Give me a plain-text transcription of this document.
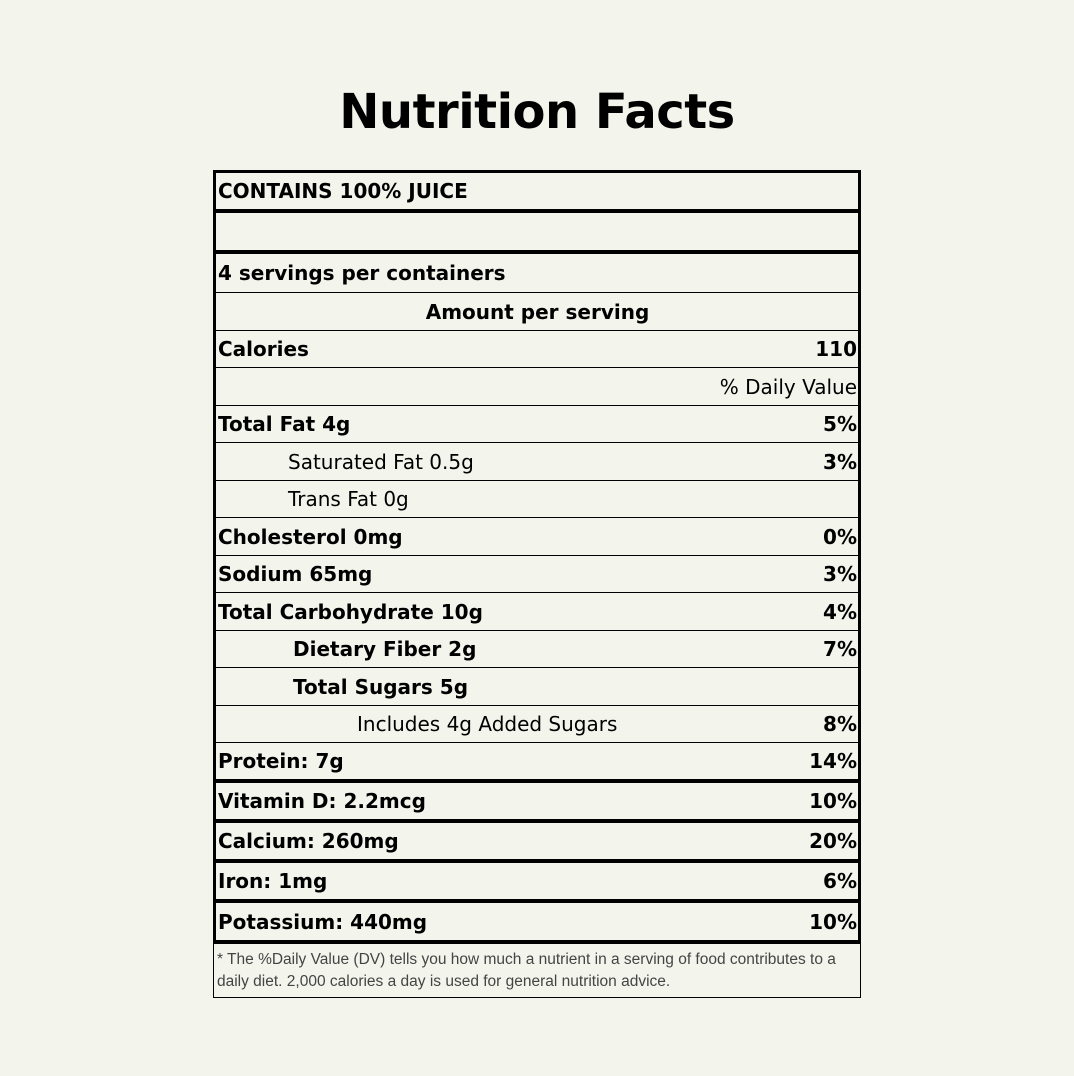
Nutrition Facts
CONTAINS 100% JUICE
4 servings per containers
Amount per serving
Calories	110
% Daily Value
Total Fat 4g	5%
Saturated Fat 0.5g	3%
Trans Fat 0g
Cholesterol 0mg	0%
Sodium 65mg	3%
Total Carbohydrate 10g	4%
Dietary Fiber 2g	7%
Total Sugars 5g
Includes 4g Added Sugars	8%
Protein: 7g	14%
Vitamin D: 2.2mcg	10%
Calcium: 260mg	20%
Iron: 1mg	6%
Potassium: 440mg	10%
* The %Daily Value (DV) tells you how much a nutrient in a serving of food contributes to a daily diet. 2,000 calories a day is used for general nutrition advice.
